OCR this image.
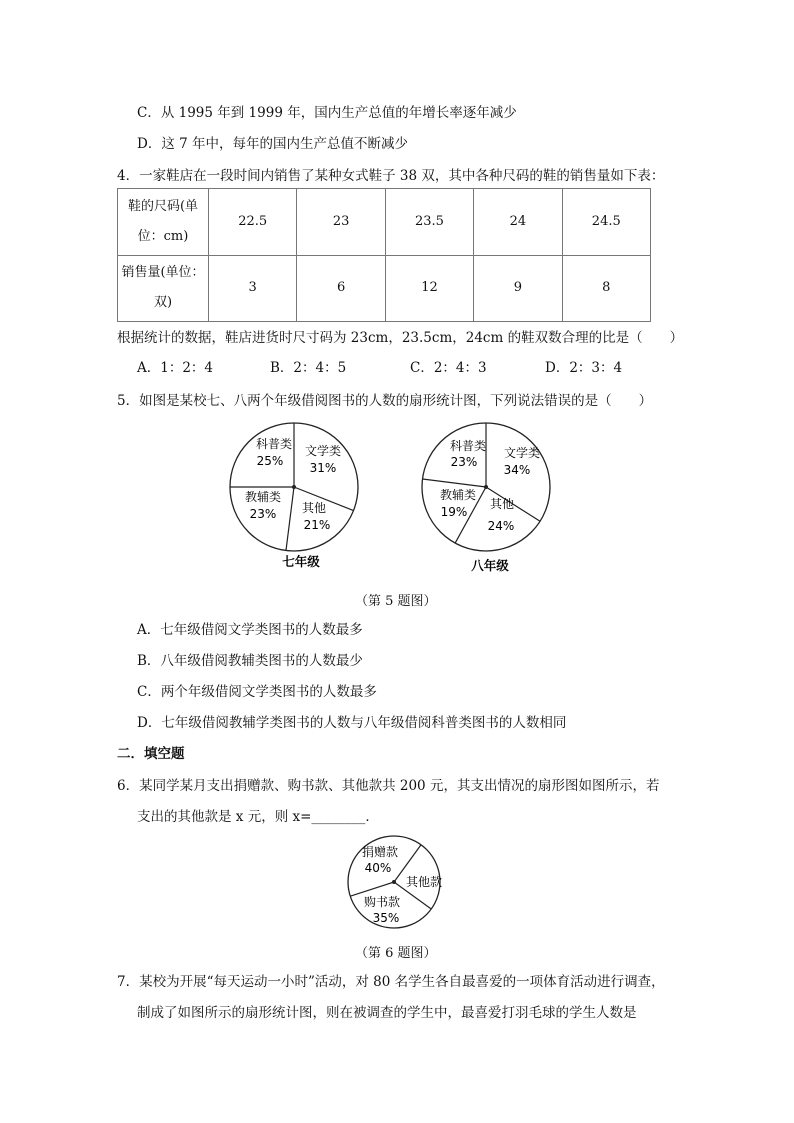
C．从 1995 年到 1999 年，国内生产总值的年增长率逐年减少
D．这 7 年中，每年的国内生产总值不断减少
4．一家鞋店在一段时间内销售了某种女式鞋子 38 双，其中各种尺码的鞋的销售量如下表：
鞋的尺码(单
位：cm)	22.5	23	23.5	24	24.5

销售量(单位：
双)	3	6	12	9	8
根据统计的数据，鞋店进货时尺寸码为 23cm，23.5cm，24cm 的鞋双数合理的比是（　　）
A．1：2：4	B．2：4：5	C．2：4：3	D．2：3：4
5．如图是某校七、八两个年级借阅图书的人数的扇形统计图，下列说法错误的是（　　）
科普类
25%
文学类
31%
教辅类
23% 其他
21%
七年级
科普类
23%
文学类
34%
教辅类
19%
其他
24%
八年级
（第 5 题图）
A．七年级借阅文学类图书的人数最多
B．八年级借阅教辅类图书的人数最少
C．两个年级借阅文学类图书的人数最多
D．七年级借阅教辅学类图书的人数与八年级借阅科普类图书的人数相同
二．填空题
6．某同学某月支出捐赠款、购书款、其他款共 200 元，其支出情况的扇形图如图所示，若
支出的其他款是 x 元，则 x=________．
捐赠款
40%
其他款
购书款
35%
（第 6 题图）
7．某校为开展“每天运动一小时”活动，对 80 名学生各自最喜爱的一项体育活动进行调查，
制成了如图所示的扇形统计图，则在被调查的学生中，最喜爱打羽毛球的学生人数是
